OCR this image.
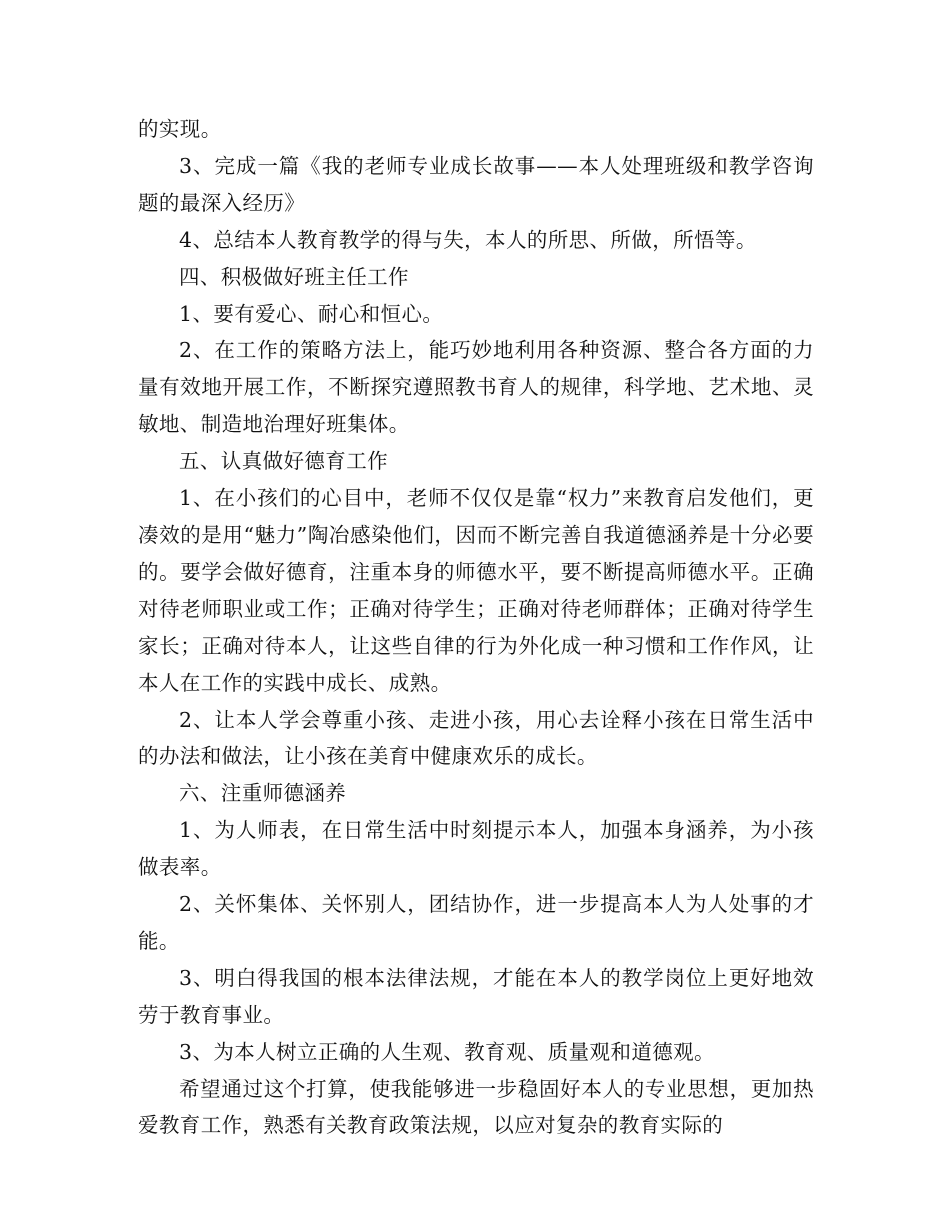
的实现。

3、完成一篇《我的老师专业成长故事——本人处理班级和教学咨询题的最深入经历》

4、总结本人教育教学的得与失，本人的所思、所做，所悟等。

四、积极做好班主任工作

1、要有爱心、耐心和恒心。

2、在工作的策略方法上，能巧妙地利用各种资源、整合各方面的力量有效地开展工作，不断探究遵照教书育人的规律，科学地、艺术地、灵敏地、制造地治理好班集体。

五、认真做好德育工作

1、在小孩们的心目中，老师不仅仅是靠“权力”来教育启发他们，更凑效的是用“魅力”陶冶感染他们，因而不断完善自我道德涵养是十分必要的。要学会做好德育，注重本身的师德水平，要不断提高师德水平。正确对待老师职业或工作；正确对待学生；正确对待老师群体；正确对待学生家长；正确对待本人，让这些自律的行为外化成一种习惯和工作作风，让本人在工作的实践中成长、成熟。

2、让本人学会尊重小孩、走进小孩，用心去诠释小孩在日常生活中的办法和做法，让小孩在美育中健康欢乐的成长。

六、注重师德涵养

1、为人师表，在日常生活中时刻提示本人，加强本身涵养，为小孩做表率。

2、关怀集体、关怀别人，团结协作，进一步提高本人为人处事的才能。

3、明白得我国的根本法律法规，才能在本人的教学岗位上更好地效劳于教育事业。

3、为本人树立正确的人生观、教育观、质量观和道德观。

希望通过这个打算，使我能够进一步稳固好本人的专业思想，更加热爱教育工作，熟悉有关教育政策法规，以应对复杂的教育实际的
